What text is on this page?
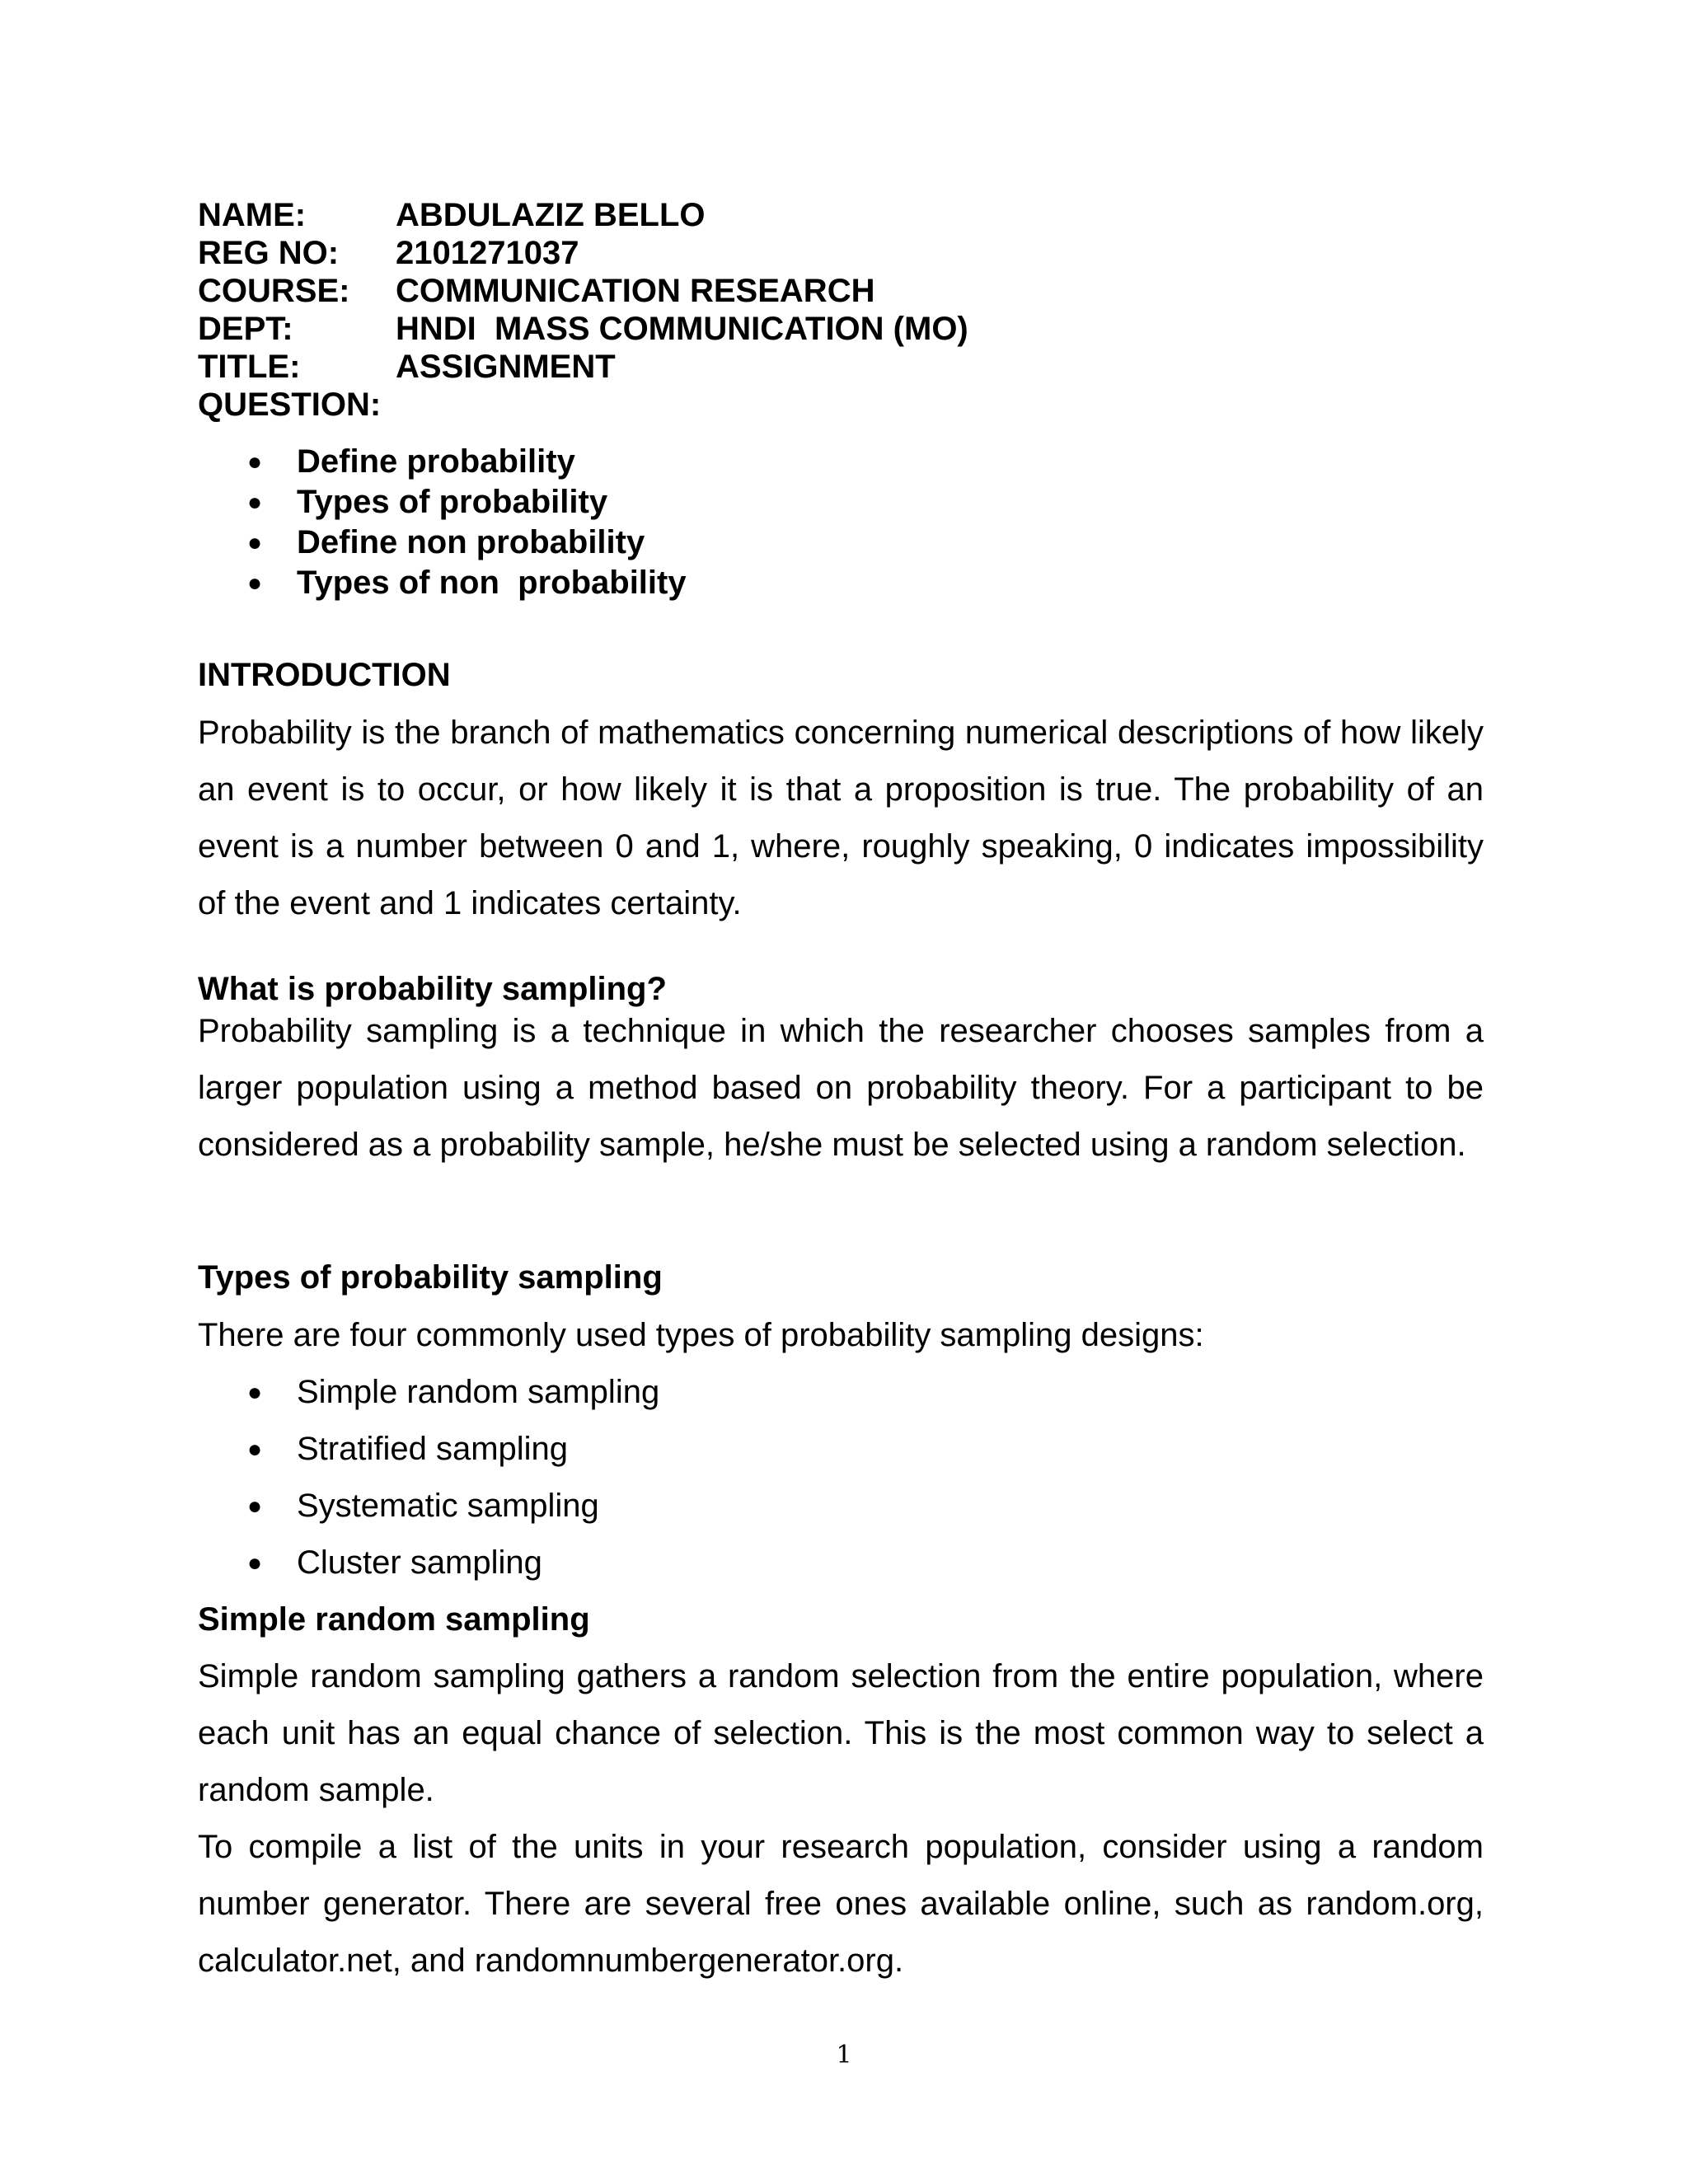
NAME:	ABDULAZIZ BELLO
REG NO:	2101271037
COURSE:	COMMUNICATION RESEARCH
DEPT:	HNDI  MASS COMMUNICATION (MO)
TITLE:	ASSIGNMENT
QUESTION:
● Define probability
● Types of probability
● Define non probability
● Types of non  probability
INTRODUCTION

Probability is the branch of mathematics concerning numerical descriptions of how likely an event is to occur, or how likely it is that a proposition is true. The probability of an event is a number between 0 and 1, where, roughly speaking, 0 indicates impossibility of the event and 1 indicates certainty.

What is probability sampling?

Probability sampling is a technique in which the researcher chooses samples from a larger population using a method based on probability theory. For a participant to be considered as a probability sample, he/she must be selected using a random selection.

Types of probability sampling

There are four commonly used types of probability sampling designs:

● Simple random sampling
● Stratified sampling
● Systematic sampling
● Cluster sampling
Simple random sampling

Simple random sampling gathers a random selection from the entire population, where each unit has an equal chance of selection. This is the most common way to select a random sample.

To compile a list of the units in your research population, consider using a random number generator. There are several free ones available online, such as random.org, calculator.net, and randomnumbergenerator.org.

1
